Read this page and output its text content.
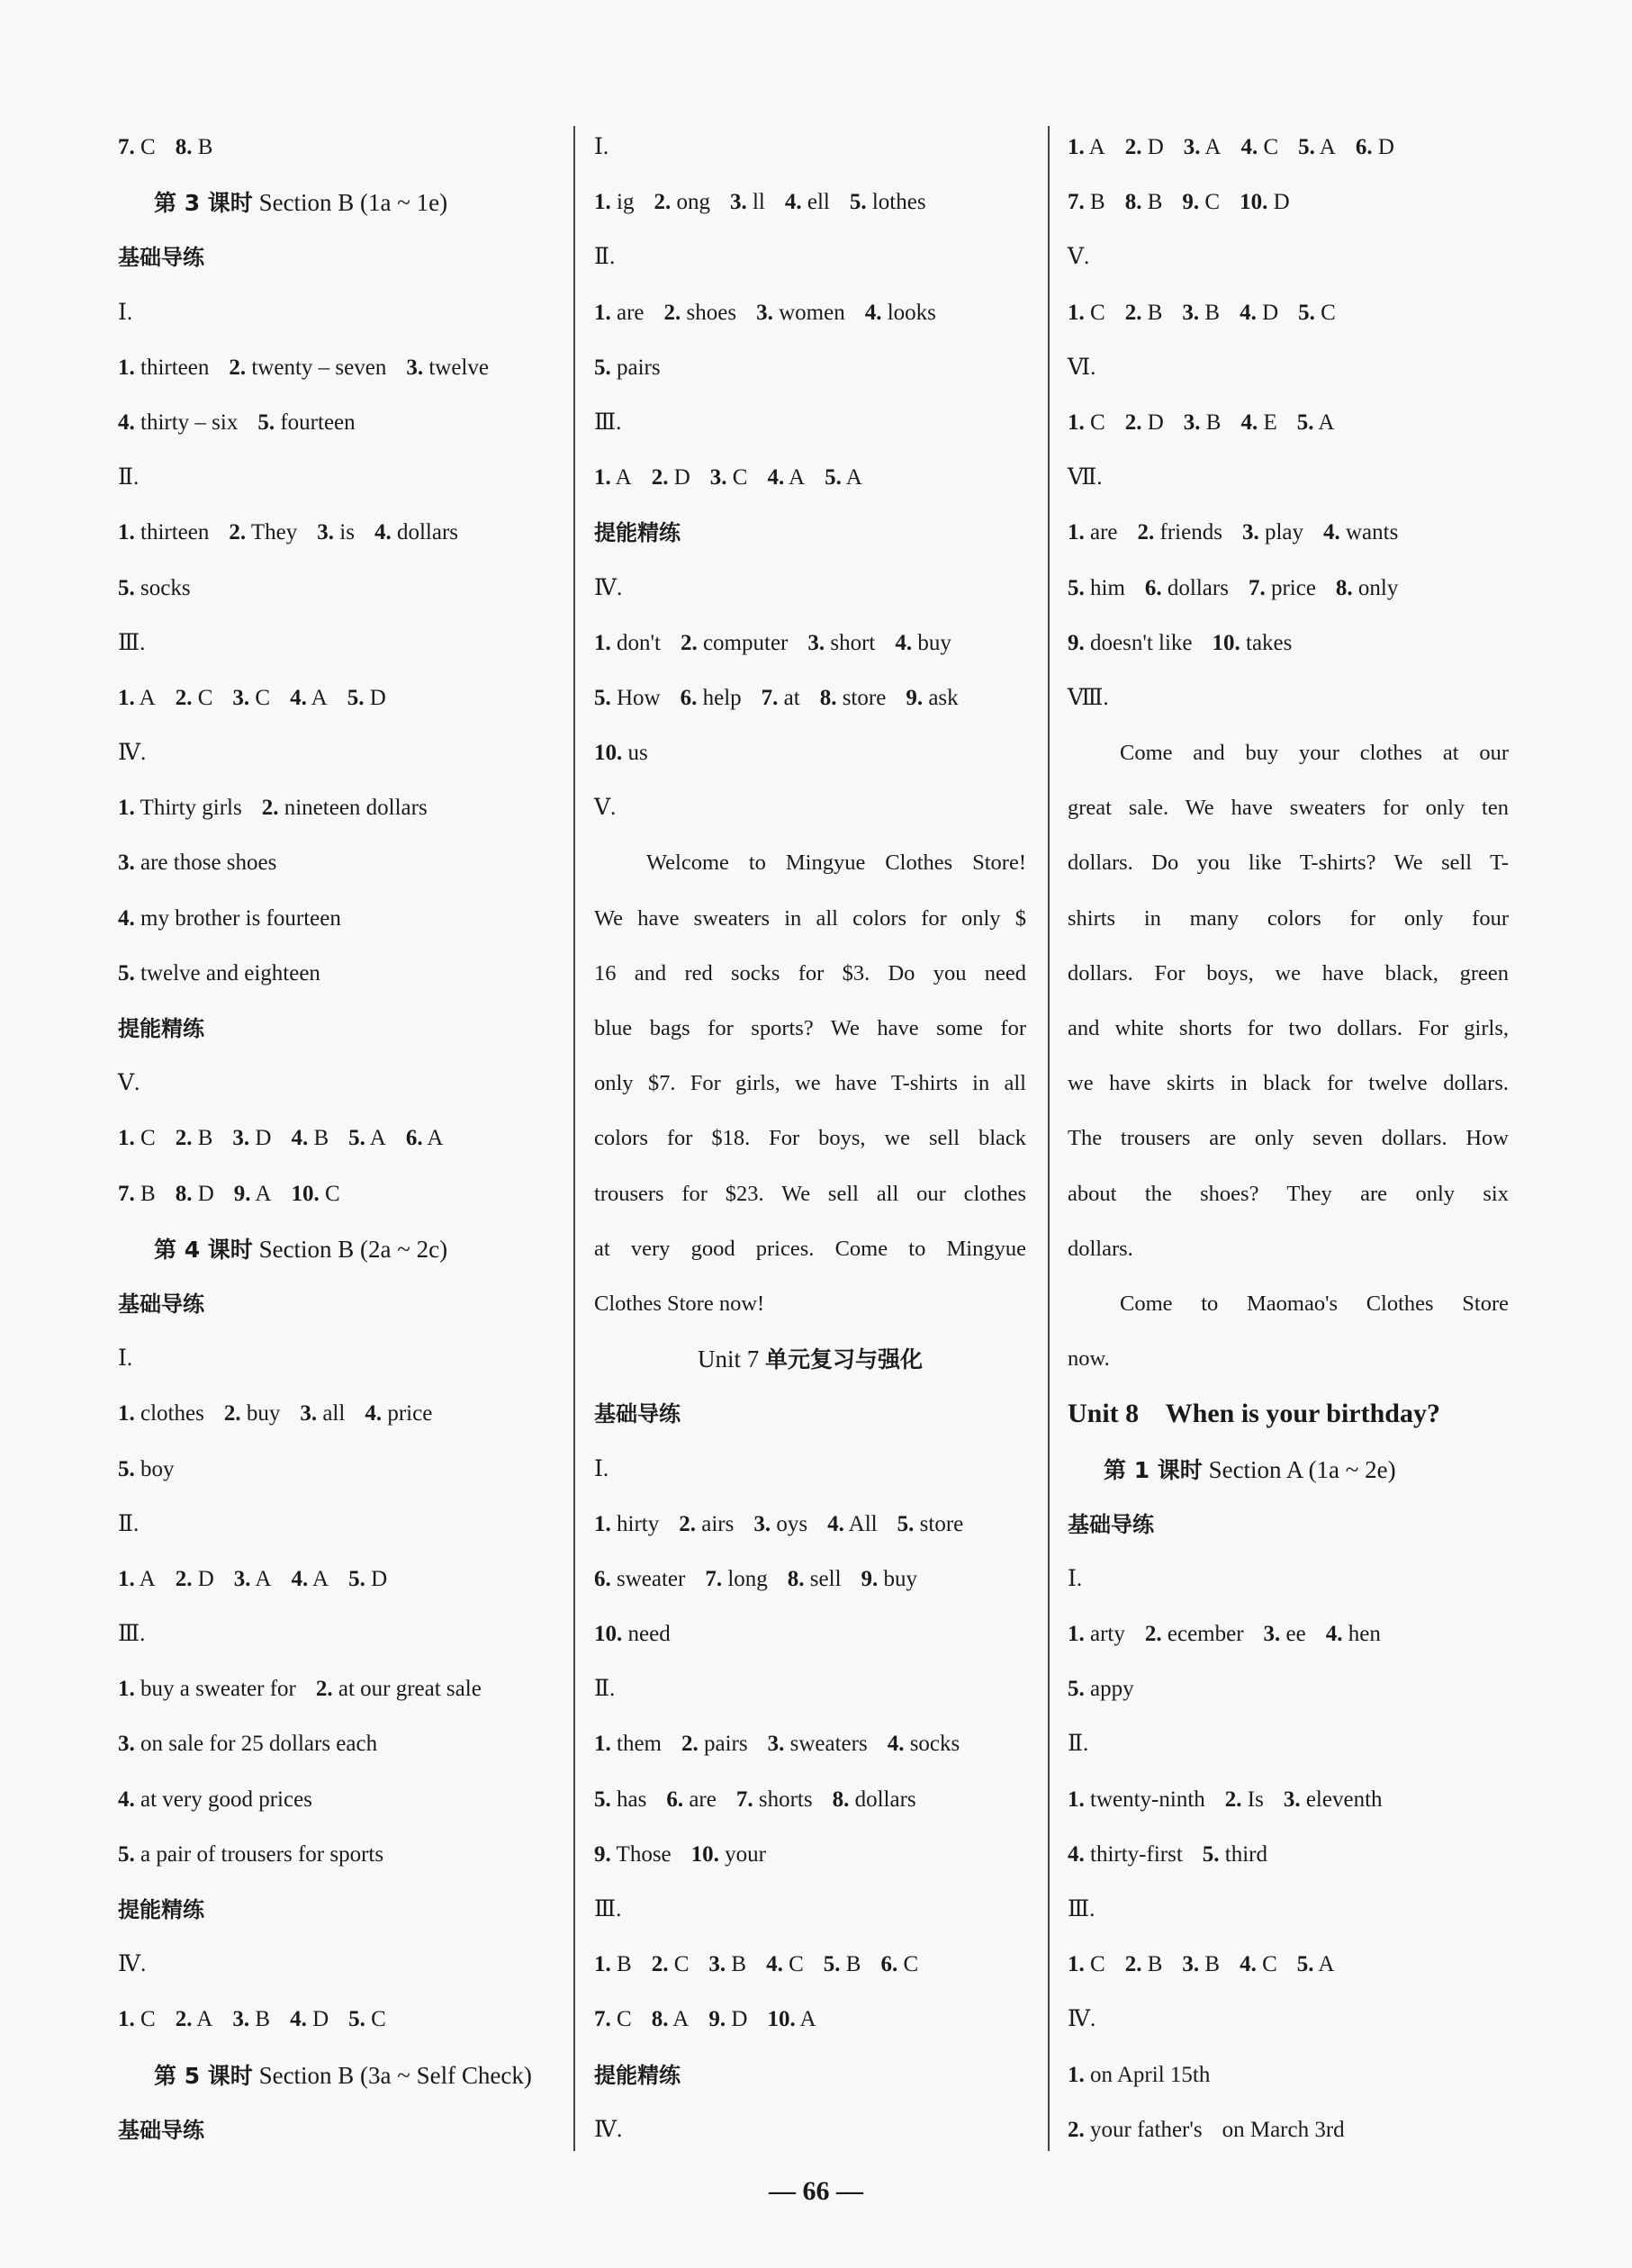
7. C 8. B
第 3 课时 Section B (1a ~ 1e)
基础导练
Ⅰ.
1. thirteen 2. twenty – seven 3. twelve
4. thirty – six 5. fourteen
Ⅱ.
1. thirteen 2. They 3. is 4. dollars
5. socks
Ⅲ.
1. A 2. C 3. C 4. A 5. D
Ⅳ.
1. Thirty girls 2. nineteen dollars
3. are those shoes
4. my brother is fourteen
5. twelve and eighteen
提能精练
Ⅴ.
1. C 2. B 3. D 4. B 5. A 6. A
7. B 8. D 9. A 10. C
第 4 课时 Section B (2a ~ 2c)
基础导练
Ⅰ.
1. clothes 2. buy 3. all 4. price
5. boy
Ⅱ.
1. A 2. D 3. A 4. A 5. D
Ⅲ.
1. buy a sweater for 2. at our great sale
3. on sale for 25 dollars each
4. at very good prices
5. a pair of trousers for sports
提能精练
Ⅳ.
1. C 2. A 3. B 4. D 5. C
第 5 课时 Section B (3a ~ Self Check)
基础导练
Ⅰ.
1. ig 2. ong 3. ll 4. ell 5. lothes
Ⅱ.
1. are 2. shoes 3. women 4. looks
5. pairs
Ⅲ.
1. A 2. D 3. C 4. A 5. A
提能精练
Ⅳ.
1. don't 2. computer 3. short 4. buy
5. How 6. help 7. at 8. store 9. ask
10. us
Ⅴ.
Welcome to Mingyue Clothes Store!
We have sweaters in all colors for only $
16 and red socks for $3. Do you need
blue bags for sports? We have some for
only $7. For girls, we have T-shirts in all
colors for $18. For boys, we sell black
trousers for $23. We sell all our clothes
at very good prices. Come to Mingyue
Clothes Store now!
Unit 7 单元复习与强化
基础导练
Ⅰ.
1. hirty 2. airs 3. oys 4. All 5. store
6. sweater 7. long 8. sell 9. buy
10. need
Ⅱ.
1. them 2. pairs 3. sweaters 4. socks
5. has 6. are 7. shorts 8. dollars
9. Those 10. your
Ⅲ.
1. B 2. C 3. B 4. C 5. B 6. C
7. C 8. A 9. D 10. A
提能精练
Ⅳ.
1. A 2. D 3. A 4. C 5. A 6. D
7. B 8. B 9. C 10. D
Ⅴ.
1. C 2. B 3. B 4. D 5. C
Ⅵ.
1. C 2. D 3. B 4. E 5. A
Ⅶ.
1. are 2. friends 3. play 4. wants
5. him 6. dollars 7. price 8. only
9. doesn't like 10. takes
Ⅷ.
Come and buy your clothes at our
great sale. We have sweaters for only ten
dollars. Do you like T-shirts? We sell T-
shirts in many colors for only four
dollars. For boys, we have black, green
and white shorts for two dollars. For girls,
we have skirts in black for twelve dollars.
The trousers are only seven dollars. How
about the shoes? They are only six
dollars.
Come to Maomao's Clothes Store
now.
Unit 8    When is your birthday?
第 1 课时 Section A (1a ~ 2e)
基础导练
Ⅰ.
1. arty 2. ecember 3. ee 4. hen
5. appy
Ⅱ.
1. twenty-ninth 2. Is 3. eleventh
4. thirty-first 5. third
Ⅲ.
1. C 2. B 3. B 4. C 5. A
Ⅳ.
1. on April 15th
2. your father's on March 3rd
— 66 —
